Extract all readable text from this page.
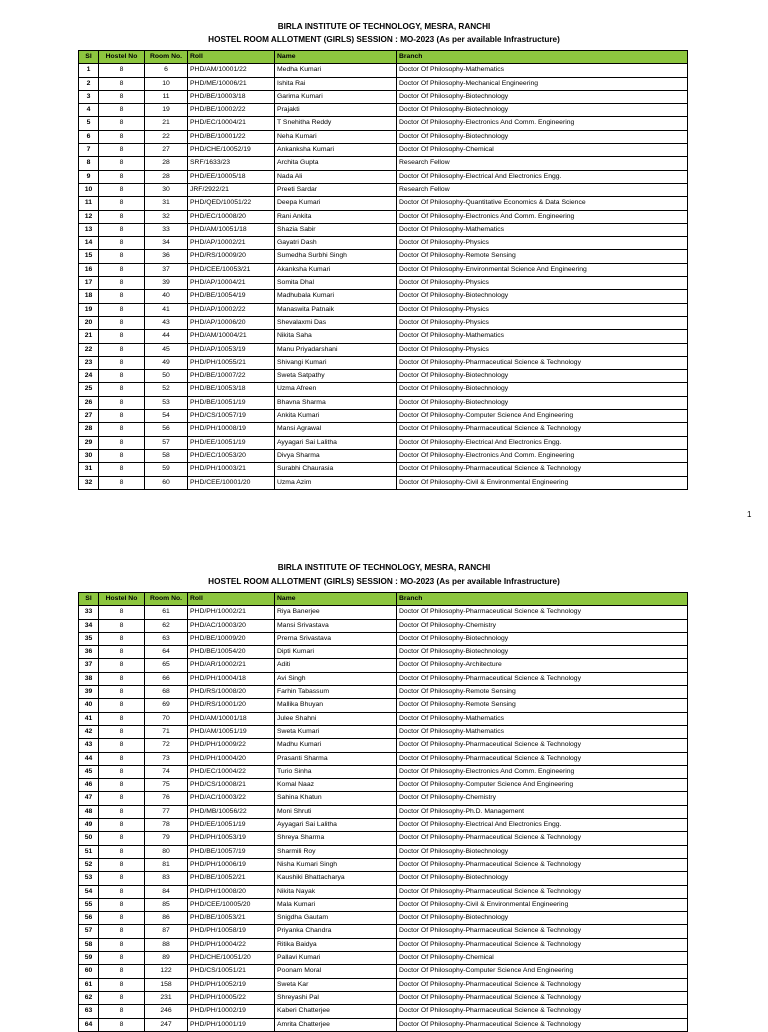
BIRLA INSTITUTE OF TECHNOLOGY, MESRA, RANCHI
HOSTEL ROOM ALLOTMENT (GIRLS) SESSION : MO-2023 (As per available Infrastructure)
Sl	Hostel No	Room No.	Roll	Name	Branch
1	8	6	PHD/AM/10001/22	Medha Kumari	Doctor Of Philosophy-Mathematics
2	8	10	PHD/ME/10006/21	Ishita Rai	Doctor Of Philosophy-Mechanical Engineering
3	8	11	PHD/BE/10003/18	Garima Kumari	Doctor Of Philosophy-Biotechnology
4	8	19	PHD/BE/10002/22	Prajakti	Doctor Of Philosophy-Biotechnology
5	8	21	PHD/EC/10004/21	T Snehitha Reddy	Doctor Of Philosophy-Electronics And Comm. Engineering
6	8	22	PHD/BE/10001/22	Neha Kumari	Doctor Of Philosophy-Biotechnology
7	8	27	PHD/CHE/10052/19	Ankanksha Kumari	Doctor Of Philosophy-Chemical
8	8	28	SRF/1633/23	Archita Gupta	Research Fellow
9	8	28	PHD/EE/10005/18	Nada Ali	Doctor Of Philosophy-Electrical And Electronics Engg.
10	8	30	JRF/2922/21	Preeti Sardar	Research Fellow
11	8	31	PHD/QED/10051/22	Deepa Kumari	Doctor Of Philosophy-Quantitative Economics & Data Science
12	8	32	PHD/EC/10008/20	Rani Ankita	Doctor Of Philosophy-Electronics And Comm. Engineering
13	8	33	PHD/AM/10051/18	Shazia Sabir	Doctor Of Philosophy-Mathematics
14	8	34	PHD/AP/10002/21	Gayatri Dash	Doctor Of Philosophy-Physics
15	8	36	PHD/RS/10009/20	Sumedha Surbhi Singh	Doctor Of Philosophy-Remote Sensing
16	8	37	PHD/CEE/10053/21	Akanksha Kumari	Doctor Of Philosophy-Environmental Science And Engineering
17	8	39	PHD/AP/10004/21	Somita Dhal	Doctor Of Philosophy-Physics
18	8	40	PHD/BE/10054/19	Madhubala Kumari	Doctor Of Philosophy-Biotechnology
19	8	41	PHD/AP/10002/22	Manaswita Patnaik	Doctor Of Philosophy-Physics
20	8	43	PHD/AP/10006/20	Shevalaxmi Das	Doctor Of Philosophy-Physics
21	8	44	PHD/AM/10004/21	Nikita Saha	Doctor Of Philosophy-Mathematics
22	8	45	PHD/AP/10053/19	Manu Priyadarshani	Doctor Of Philosophy-Physics
23	8	49	PHD/PH/10055/21	Shivangi Kumari	Doctor Of Philosophy-Pharmaceutical Science & Technology
24	8	50	PHD/BE/10007/22	Sweta Satpathy	Doctor Of Philosophy-Biotechnology
25	8	52	PHD/BE/10053/18	Uzma Afreen	Doctor Of Philosophy-Biotechnology
26	8	53	PHD/BE/10051/19	Bhavna Sharma	Doctor Of Philosophy-Biotechnology
27	8	54	PHD/CS/10057/19	Ankita Kumari	Doctor Of Philosophy-Computer Science And Engineering
28	8	56	PHD/PH/10008/19	Mansi Agrawal	Doctor Of Philosophy-Pharmaceutical Science & Technology
29	8	57	PHD/EE/10051/19	Ayyagari Sai Lalitha	Doctor Of Philosophy-Electrical And Electronics Engg.
30	8	58	PHD/EC/10053/20	Divya Sharma	Doctor Of Philosophy-Electronics And Comm. Engineering
31	8	59	PHD/PH/10003/21	Surabhi Chaurasia	Doctor Of Philosophy-Pharmaceutical Science & Technology
32	8	60	PHD/CEE/10001/20	Uzma Azim	Doctor Of Philosophy-Civil & Environmental Engineering
1
BIRLA INSTITUTE OF TECHNOLOGY, MESRA, RANCHI
HOSTEL ROOM ALLOTMENT (GIRLS) SESSION : MO-2023 (As per available Infrastructure)
Sl	Hostel No	Room No.	Roll	Name	Branch
33	8	61	PHD/PH/10002/21	Riya Banerjee	Doctor Of Philosophy-Pharmaceutical Science & Technology
34	8	62	PHD/AC/10003/20	Mansi Srivastava	Doctor Of Philosophy-Chemistry
35	8	63	PHD/BE/10009/20	Prerna Srivastava	Doctor Of Philosophy-Biotechnology
36	8	64	PHD/BE/10054/20	Dipti Kumari	Doctor Of Philosophy-Biotechnology
37	8	65	PHD/AR/10002/21	Aditi	Doctor Of Philosophy-Architecture
38	8	66	PHD/PH/10004/18	Avi Singh	Doctor Of Philosophy-Pharmaceutical Science & Technology
39	8	68	PHD/RS/10008/20	Farhin Tabassum	Doctor Of Philosophy-Remote Sensing
40	8	69	PHD/RS/10001/20	Mallika Bhuyan	Doctor Of Philosophy-Remote Sensing
41	8	70	PHD/AM/10001/18	Julee Shahni	Doctor Of Philosophy-Mathematics
42	8	71	PHD/AM/10051/19	Sweta Kumari	Doctor Of Philosophy-Mathematics
43	8	72	PHD/PH/10009/22	Madhu Kumari	Doctor Of Philosophy-Pharmaceutical Science & Technology
44	8	73	PHD/PH/10004/20	Prasanti Sharma	Doctor Of Philosophy-Pharmaceutical Science & Technology
45	8	74	PHD/EC/10004/22	Turio Sinha	Doctor Of Philosophy-Electronics And Comm. Engineering
46	8	75	PHD/CS/10008/21	Komal Naaz	Doctor Of Philosophy-Computer Science And Engineering
47	8	76	PHD/AC/10003/22	Sahina Khatun	Doctor Of Philosophy-Chemistry
48	8	77	PHD/MB/10056/22	Moni Shruti	Doctor Of Philosophy-Ph.D. Management
49	8	78	PHD/EE/10051/19	Ayyagari Sai Lalitha	Doctor Of Philosophy-Electrical And Electronics Engg.
50	8	79	PHD/PH/10053/19	Shreya Sharma	Doctor Of Philosophy-Pharmaceutical Science & Technology
51	8	80	PHD/BE/10057/19	Sharmili Roy	Doctor Of Philosophy-Biotechnology
52	8	81	PHD/PH/10006/19	Nisha Kumari Singh	Doctor Of Philosophy-Pharmaceutical Science & Technology
53	8	83	PHD/BE/10052/21	Kaushiki Bhattacharya	Doctor Of Philosophy-Biotechnology
54	8	84	PHD/PH/10008/20	Nikita Nayak	Doctor Of Philosophy-Pharmaceutical Science & Technology
55	8	85	PHD/CEE/10005/20	Mala Kumari	Doctor Of Philosophy-Civil & Environmental Engineering
56	8	86	PHD/BE/10053/21	Snigdha Gautam	Doctor Of Philosophy-Biotechnology
57	8	87	PHD/PH/10058/19	Priyanka Chandra	Doctor Of Philosophy-Pharmaceutical Science & Technology
58	8	88	PHD/PH/10004/22	Ritika Baidya	Doctor Of Philosophy-Pharmaceutical Science & Technology
59	8	89	PHD/CHE/10051/20	Pallavi Kumari	Doctor Of Philosophy-Chemical
60	8	122	PHD/CS/10051/21	Poonam Moral	Doctor Of Philosophy-Computer Science And Engineering
61	8	158	PHD/PH/10052/19	Sweta Kar	Doctor Of Philosophy-Pharmaceutical Science & Technology
62	8	231	PHD/PH/10005/22	Shreyashi Pal	Doctor Of Philosophy-Pharmaceutical Science & Technology
63	8	246	PHD/PH/10002/19	Kaberi Chatterjee	Doctor Of Philosophy-Pharmaceutical Science & Technology
64	8	247	PHD/PH/10001/19	Amrita Chatterjee	Doctor Of Philosophy-Pharmaceutical Science & Technology
